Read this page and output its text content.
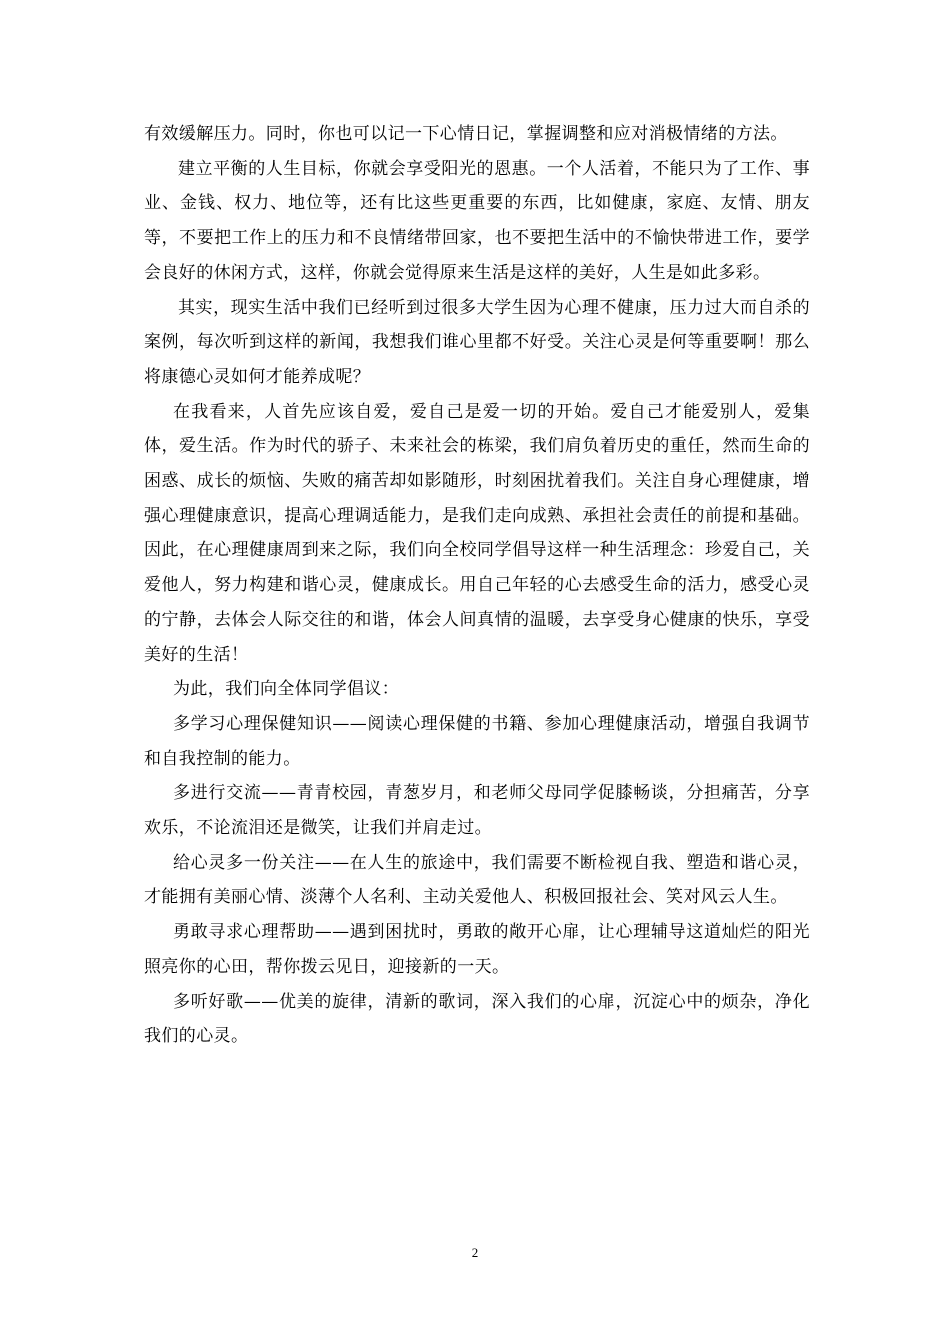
有效缓解压力。同时，你也可以记一下心情日记，掌握调整和应对消极情绪的方法。

建立平衡的人生目标，你就会享受阳光的恩惠。一个人活着，不能只为了工作、事业、金钱、权力、地位等，还有比这些更重要的东西，比如健康，家庭、友情、朋友等，不要把工作上的压力和不良情绪带回家，也不要把生活中的不愉快带进工作，要学会良好的休闲方式，这样，你就会觉得原来生活是这样的美好，人生是如此多彩。

其实，现实生活中我们已经听到过很多大学生因为心理不健康，压力过大而自杀的案例，每次听到这样的新闻，我想我们谁心里都不好受。关注心灵是何等重要啊！那么将康德心灵如何才能养成呢？

在我看来，人首先应该自爱，爱自己是爱一切的开始。爱自己才能爱别人，爱集体，爱生活。作为时代的骄子、未来社会的栋梁，我们肩负着历史的重任，然而生命的困惑、成长的烦恼、失败的痛苦却如影随形，时刻困扰着我们。关注自身心理健康，增强心理健康意识，提高心理调适能力，是我们走向成熟、承担社会责任的前提和基础。因此，在心理健康周到来之际，我们向全校同学倡导这样一种生活理念：珍爱自己，关爱他人，努力构建和谐心灵，健康成长。用自己年轻的心去感受生命的活力，感受心灵的宁静，去体会人际交往的和谐，体会人间真情的温暖，去享受身心健康的快乐，享受美好的生活！

为此，我们向全体同学倡议：

多学习心理保健知识——阅读心理保健的书籍、参加心理健康活动，增强自我调节和自我控制的能力。

多进行交流——青青校园，青葱岁月，和老师父母同学促膝畅谈，分担痛苦，分享欢乐，不论流泪还是微笑，让我们并肩走过。

给心灵多一份关注——在人生的旅途中，我们需要不断检视自我、塑造和谐心灵，才能拥有美丽心情、淡薄个人名利、主动关爱他人、积极回报社会、笑对风云人生。

勇敢寻求心理帮助——遇到困扰时，勇敢的敞开心扉，让心理辅导这道灿烂的阳光照亮你的心田，帮你拨云见日，迎接新的一天。

多听好歌——优美的旋律，清新的歌词，深入我们的心扉，沉淀心中的烦杂，净化我们的心灵。

2
